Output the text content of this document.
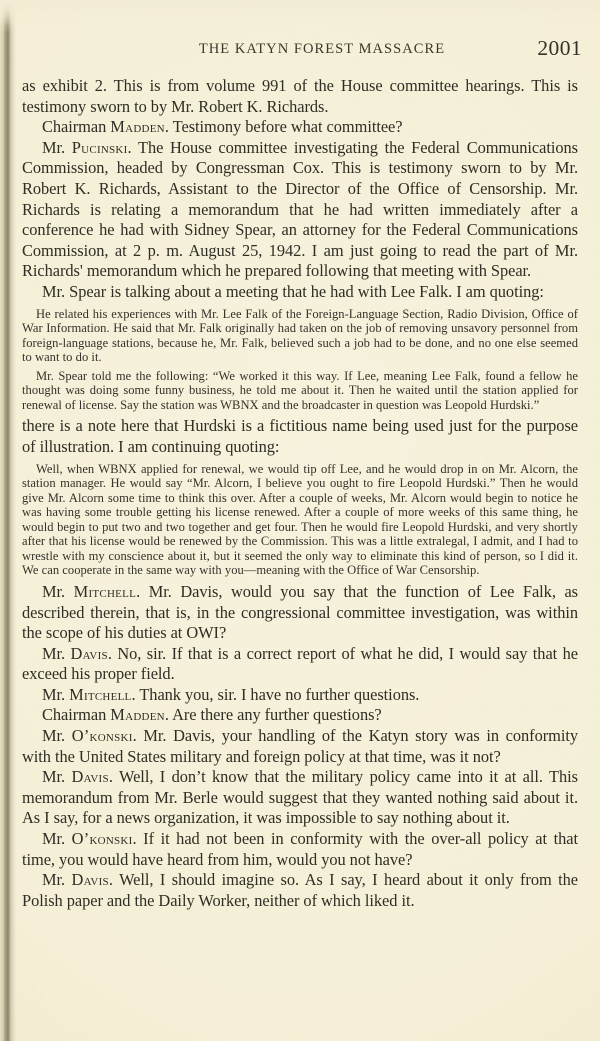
THE KATYN FOREST MASSACRE	2001

as exhibit 2. This is from volume 991 of the House committee hearings. This is testimony sworn to by Mr. Robert K. Richards.

Chairman Madden. Testimony before what committee?

Mr. Pucinski. The House committee investigating the Federal Communications Commission, headed by Congressman Cox. This is testimony sworn to by Mr. Robert K. Richards, Assistant to the Director of the Office of Censorship. Mr. Richards is relating a memorandum that he had written immediately after a conference he had with Sidney Spear, an attorney for the Federal Communications Commission, at 2 p. m. August 25, 1942. I am just going to read the part of Mr. Richards' memorandum which he prepared following that meeting with Spear.

Mr. Spear is talking about a meeting that he had with Lee Falk. I am quoting:

He related his experiences with Mr. Lee Falk of the Foreign-Language Section, Radio Division, Office of War Information. He said that Mr. Falk originally had taken on the job of removing unsavory personnel from foreign-language stations, because he, Mr. Falk, believed such a job had to be done, and no one else seemed to want to do it.

Mr. Spear told me the following: “We worked it this way. If Lee, meaning Lee Falk, found a fellow he thought was doing some funny business, he told me about it. Then he waited until the station applied for renewal of license. Say the station was WBNX and the broadcaster in question was Leopold Hurdski.”

there is a note here that Hurdski is a fictitious name being used just for the purpose of illustration. I am continuing quoting:

Well, when WBNX applied for renewal, we would tip off Lee, and he would drop in on Mr. Alcorn, the station manager. He would say “Mr. Alcorn, I believe you ought to fire Leopold Hurdski.” Then he would give Mr. Alcorn some time to think this over. After a couple of weeks, Mr. Alcorn would begin to notice he was having some trouble getting his license renewed. After a couple of more weeks of this same thing, he would begin to put two and two together and get four. Then he would fire Leopold Hurdski, and very shortly after that his license would be renewed by the Commission. This was a little extralegal, I admit, and I had to wrestle with my conscience about it, but it seemed the only way to eliminate this kind of person, so I did it. We can cooperate in the same way with you—meaning with the Office of War Censorship.

Mr. Mitchell. Mr. Davis, would you say that the function of Lee Falk, as described therein, that is, in the congressional committee investigation, was within the scope of his duties at OWI?

Mr. Davis. No, sir. If that is a correct report of what he did, I would say that he exceed his proper field.

Mr. Mitchell. Thank you, sir. I have no further questions.

Chairman Madden. Are there any further questions?

Mr. O’konski. Mr. Davis, your handling of the Katyn story was in conformity with the United States military and foreign policy at that time, was it not?

Mr. Davis. Well, I don’t know that the military policy came into it at all. This memorandum from Mr. Berle would suggest that they wanted nothing said about it. As I say, for a news organization, it was impossible to say nothing about it.

Mr. O’konski. If it had not been in conformity with the over-all policy at that time, you would have heard from him, would you not have?

Mr. Davis. Well, I should imagine so. As I say, I heard about it only from the Polish paper and the Daily Worker, neither of which liked it.
